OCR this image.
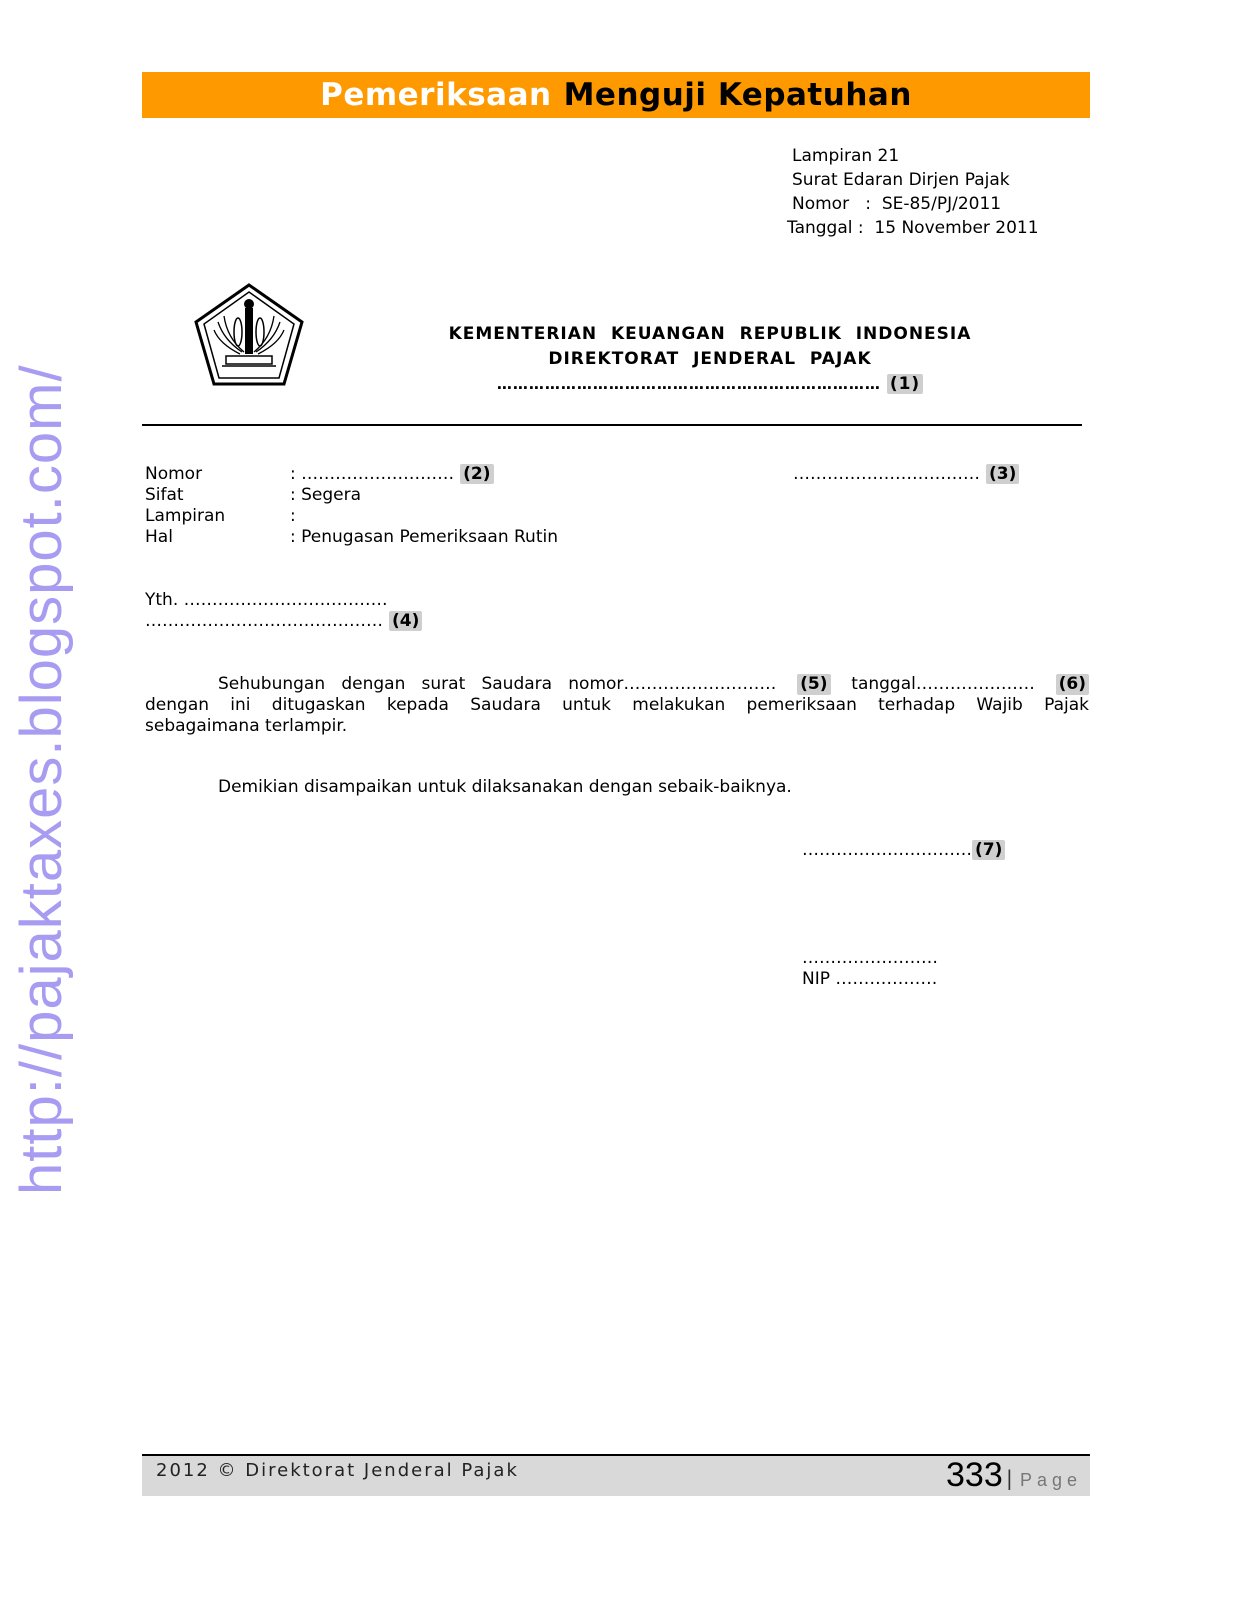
Pemeriksaan Menguji Kepatuhan
Lampiran 21
Surat Edaran Dirjen Pajak
Nomor   :  SE-85/PJ/2011
Tanggal :  15 November 2011
KEMENTERIAN  KEUANGAN  REPUBLIK  INDONESIA
DIREKTORAT  JENDERAL  PAJAK
……………………………………………………………… (1)
Nomor	: ……………………… (2)	…………………………… (3)
Sifat	: Segera
Lampiran	:
Hal	: Penugasan Pemeriksaan Rutin
Yth. ………………………………
…………………………………… (4)
Sehubungan   dengan   surat   Saudara   nomor……………………… (5) tanggal………………… (6)
dengan ini ditugaskan kepada Saudara untuk melakukan pemeriksaan terhadap Wajib Pajak
sebagaimana terlampir.
Demikian disampaikan untuk dilaksanakan dengan sebaik-baiknya.
………………………… (7)
……………………
NIP ………………
http://pajaktaxes.blogspot.com/
2012 © Direktorat Jenderal Pajak	333 | Page
